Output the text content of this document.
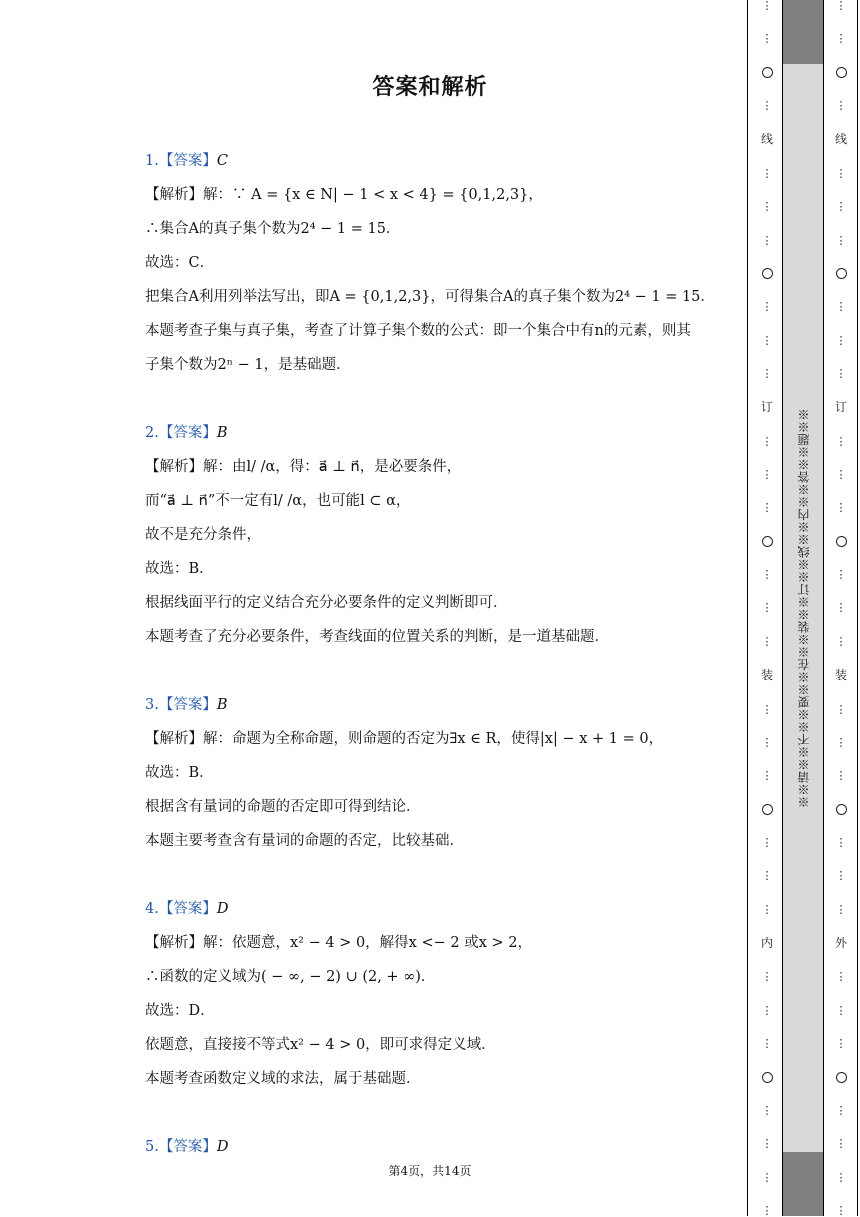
答案和解析
1.【答案】C
【解析】解：∵ A = {x ∈ N| − 1 < x < 4} = {0,1,2,3}，
∴集合A的真子集个数为2⁴ − 1 = 15．
故选：C．
把集合A利用列举法写出，即A = {0,1,2,3}，可得集合A的真子集个数为2⁴ − 1 = 15．
本题考查子集与真子集，考查了计算子集个数的公式：即一个集合中有n的元素，则其
子集个数为2ⁿ − 1，是基础题．
2.【答案】B
【解析】解：由l/ /α，得：a⃗ ⊥ n⃗，是必要条件，
而“a⃗ ⊥ n⃗”不一定有l/ /α，也可能l ⊂ α，
故不是充分条件，
故选：B．
根据线面平行的定义结合充分必要条件的定义判断即可．
本题考查了充分必要条件，考查线面的位置关系的判断，是一道基础题．
3.【答案】B
【解析】解：命题为全称命题，则命题的否定为∃x ∈ R，使得|x| − x + 1 = 0，
故选：B．
根据含有量词的命题的否定即可得到结论．
本题主要考查含有量词的命题的否定，比较基础．
4.【答案】D
【解析】解：依题意，x² − 4 > 0，解得x <− 2 或x > 2，
∴函数的定义域为( − ∞, − 2) ∪ (2, + ∞)．
故选：D．
依题意，直接接不等式x² − 4 > 0，即可求得定义域．
本题考查函数定义域的求法，属于基础题．
5.【答案】D
第4页，共14页
⋮
⋮
⋮
线
⋮
⋮
⋮
⋮
⋮
⋮
订
⋮
⋮
⋮
⋮
⋮
⋮
装
⋮
⋮
⋮
⋮
⋮
⋮
内
⋮
⋮
⋮
⋮
⋮
⋮
⋮
※※请※※不※※要※※在※※装※※订※※线※※内※※答※※题※※
⋮
⋮
⋮
线
⋮
⋮
⋮
⋮
⋮
⋮
订
⋮
⋮
⋮
⋮
⋮
⋮
装
⋮
⋮
⋮
⋮
⋮
⋮
外
⋮
⋮
⋮
⋮
⋮
⋮
⋮
